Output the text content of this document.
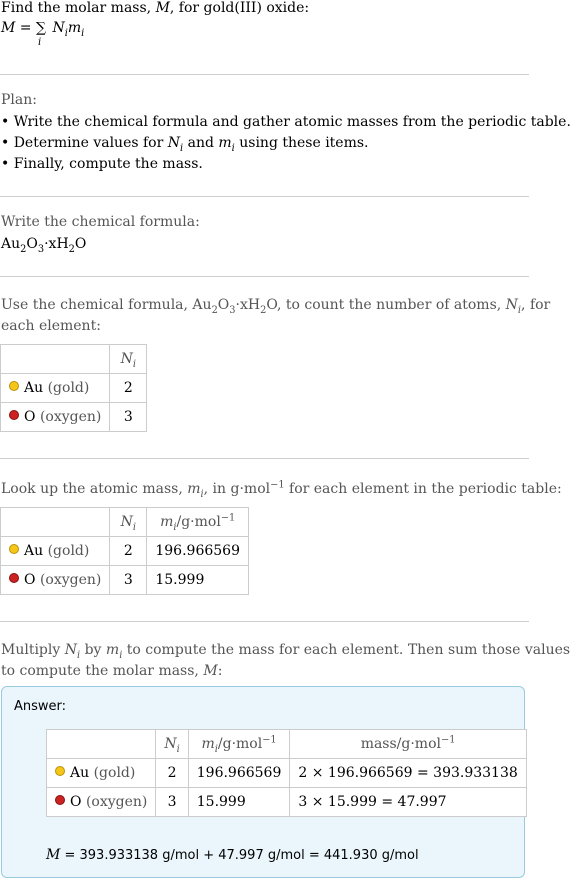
Find the molar mass, M, for gold(III) oxide:
M = ∑
i
$N_im_i$
Plan:
• Write the chemical formula and gather atomic masses from the periodic table.
• Determine values for $N_i$ and $m_i$ using these items.
• Finally, compute the mass.
Write the chemical formula:
$Au_2O_3\cdot xH_2O$
Use the chemical formula, $Au_2O_3\cdot xH_2O$, to count the number of atoms, $N_i$, for
each element:
	$N_i$
Au (gold)	2
O (oxygen)	3
Look up the atomic mass, $m_i$, in g·mol$^{-1}$ for each element in the periodic table:
	$N_i$	$m_i/g\cdot mol^{-1}$
Au (gold)	2	196.966569
O (oxygen)	3	15.999
Multiply $N_i$ by $m_i$ to compute the mass for each element. Then sum those values
to compute the molar mass, M:
Answer:
	$N_i$	$m_i/g\cdot mol^{-1}$	mass/g·mol$^{-1}$
Au (gold)	2	196.966569	2 × 196.966569 = 393.933138
O (oxygen)	3	15.999	3 × 15.999 = 47.997
M = 393.933138 g/mol + 47.997 g/mol = 441.930 g/mol
